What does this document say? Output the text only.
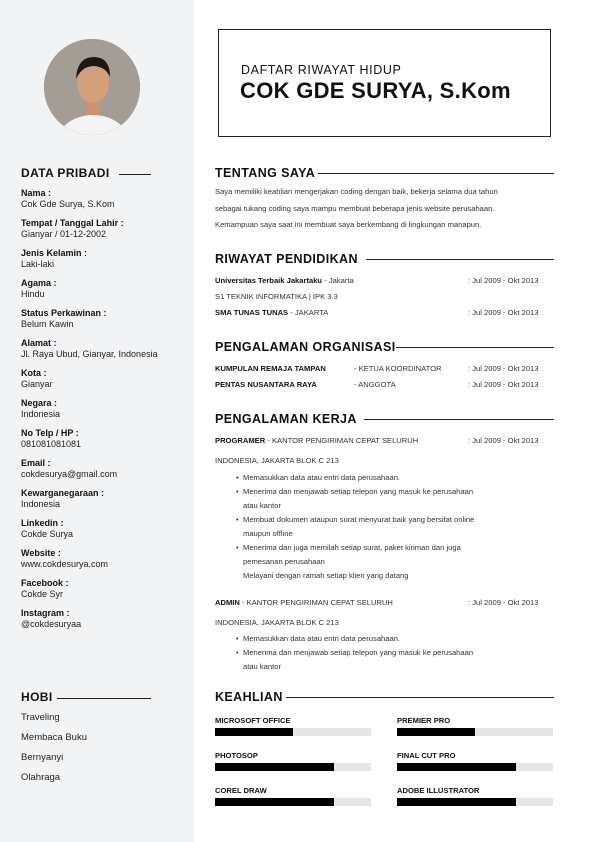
DATA PRIBADI
Nama :
Cok Gde Surya, S.Kom
Tempat / Tanggal Lahir :
Gianyar / 01-12-2002
Jenis Kelamin :
Laki-laki
Agama :
Hindu
Status Perkawinan :
Belum Kawin
Alamat :
Jl. Raya Ubud, Gianyar, Indonesia
Kota :
Gianyar
Negara :
Indonesia
No Telp / HP :
081081081081
Email :
cokdesurya@gmail.com
Kewarganegaraan :
Indonesia
Linkedin :
Cokde Surya
Website :
www.cokdesurya.com
Facebook :
Cokde Syr
Instagram :
@cokdesuryaa
HOBI
Traveling
Membaca Buku
Bernyanyi
Olahraga
DAFTAR RIWAYAT HIDUP
COK GDE SURYA, S.Kom
TENTANG SAYA
Saya memiliki keahlian mengerjakan coding dengan baik, bekerja selama dua tahun
sebagai tukang coding saya mampu membuat beberapa jenis website perusahaan.
Kemampuan saya saat ini membuat saya berkembang di lingkungan manapun.
RIWAYAT PENDIDIKAN
Universitas Terbaik Jakartaku - Jakarta	: Jul 2009 - Okt 2013
S1 TEKNIK INFORMATIKA | IPK 3.3
SMA TUNAS TUNAS - JAKARTA	: Jul 2009 - Okt 2013
PENGALAMAN ORGANISASI
KUMPULAN REMAJA TAMPAN	- KETUA KOORDINATOR	: Jul 2009 - Okt 2013
PENTAS NUSANTARA RAYA	- ANGGOTA	: Jul 2009 - Okt 2013
PENGALAMAN KERJA
PROGRAMER - KANTOR PENGIRIMAN CEPAT SELURUH	: Jul 2009 - Okt 2013
INDONESIA, JAKARTA BLOK C 213
Memasukkan data atau entri data perusahaan.
Menerima dan menjawab setiap telepon yang masuk ke perusahaan
atau kantor
Membuat dokumen ataupun surat menyurat baik yang bersifat online
maupun offline
Menerima dan juga memilah setiap surat, paket kiriman dan juga
pemesanan perusahaan
Melayani dengan ramah setiap klien yang datang
ADMIN - KANTOR PENGIRIMAN CEPAT SELURUH	: Jul 2009 - Okt 2013
INDONESIA, JAKARTA BLOK C 213
Memasukkan data atau entri data perusahaan.
Menerima dan menjawab setiap telepon yang masuk ke perusahaan
atau kantor
KEAHLIAN
MICROSOFT OFFICE	PREMIER PRO
PHOTOSOP	FINAL CUT PRO
COREL DRAW	ADOBE ILLUSTRATOR
